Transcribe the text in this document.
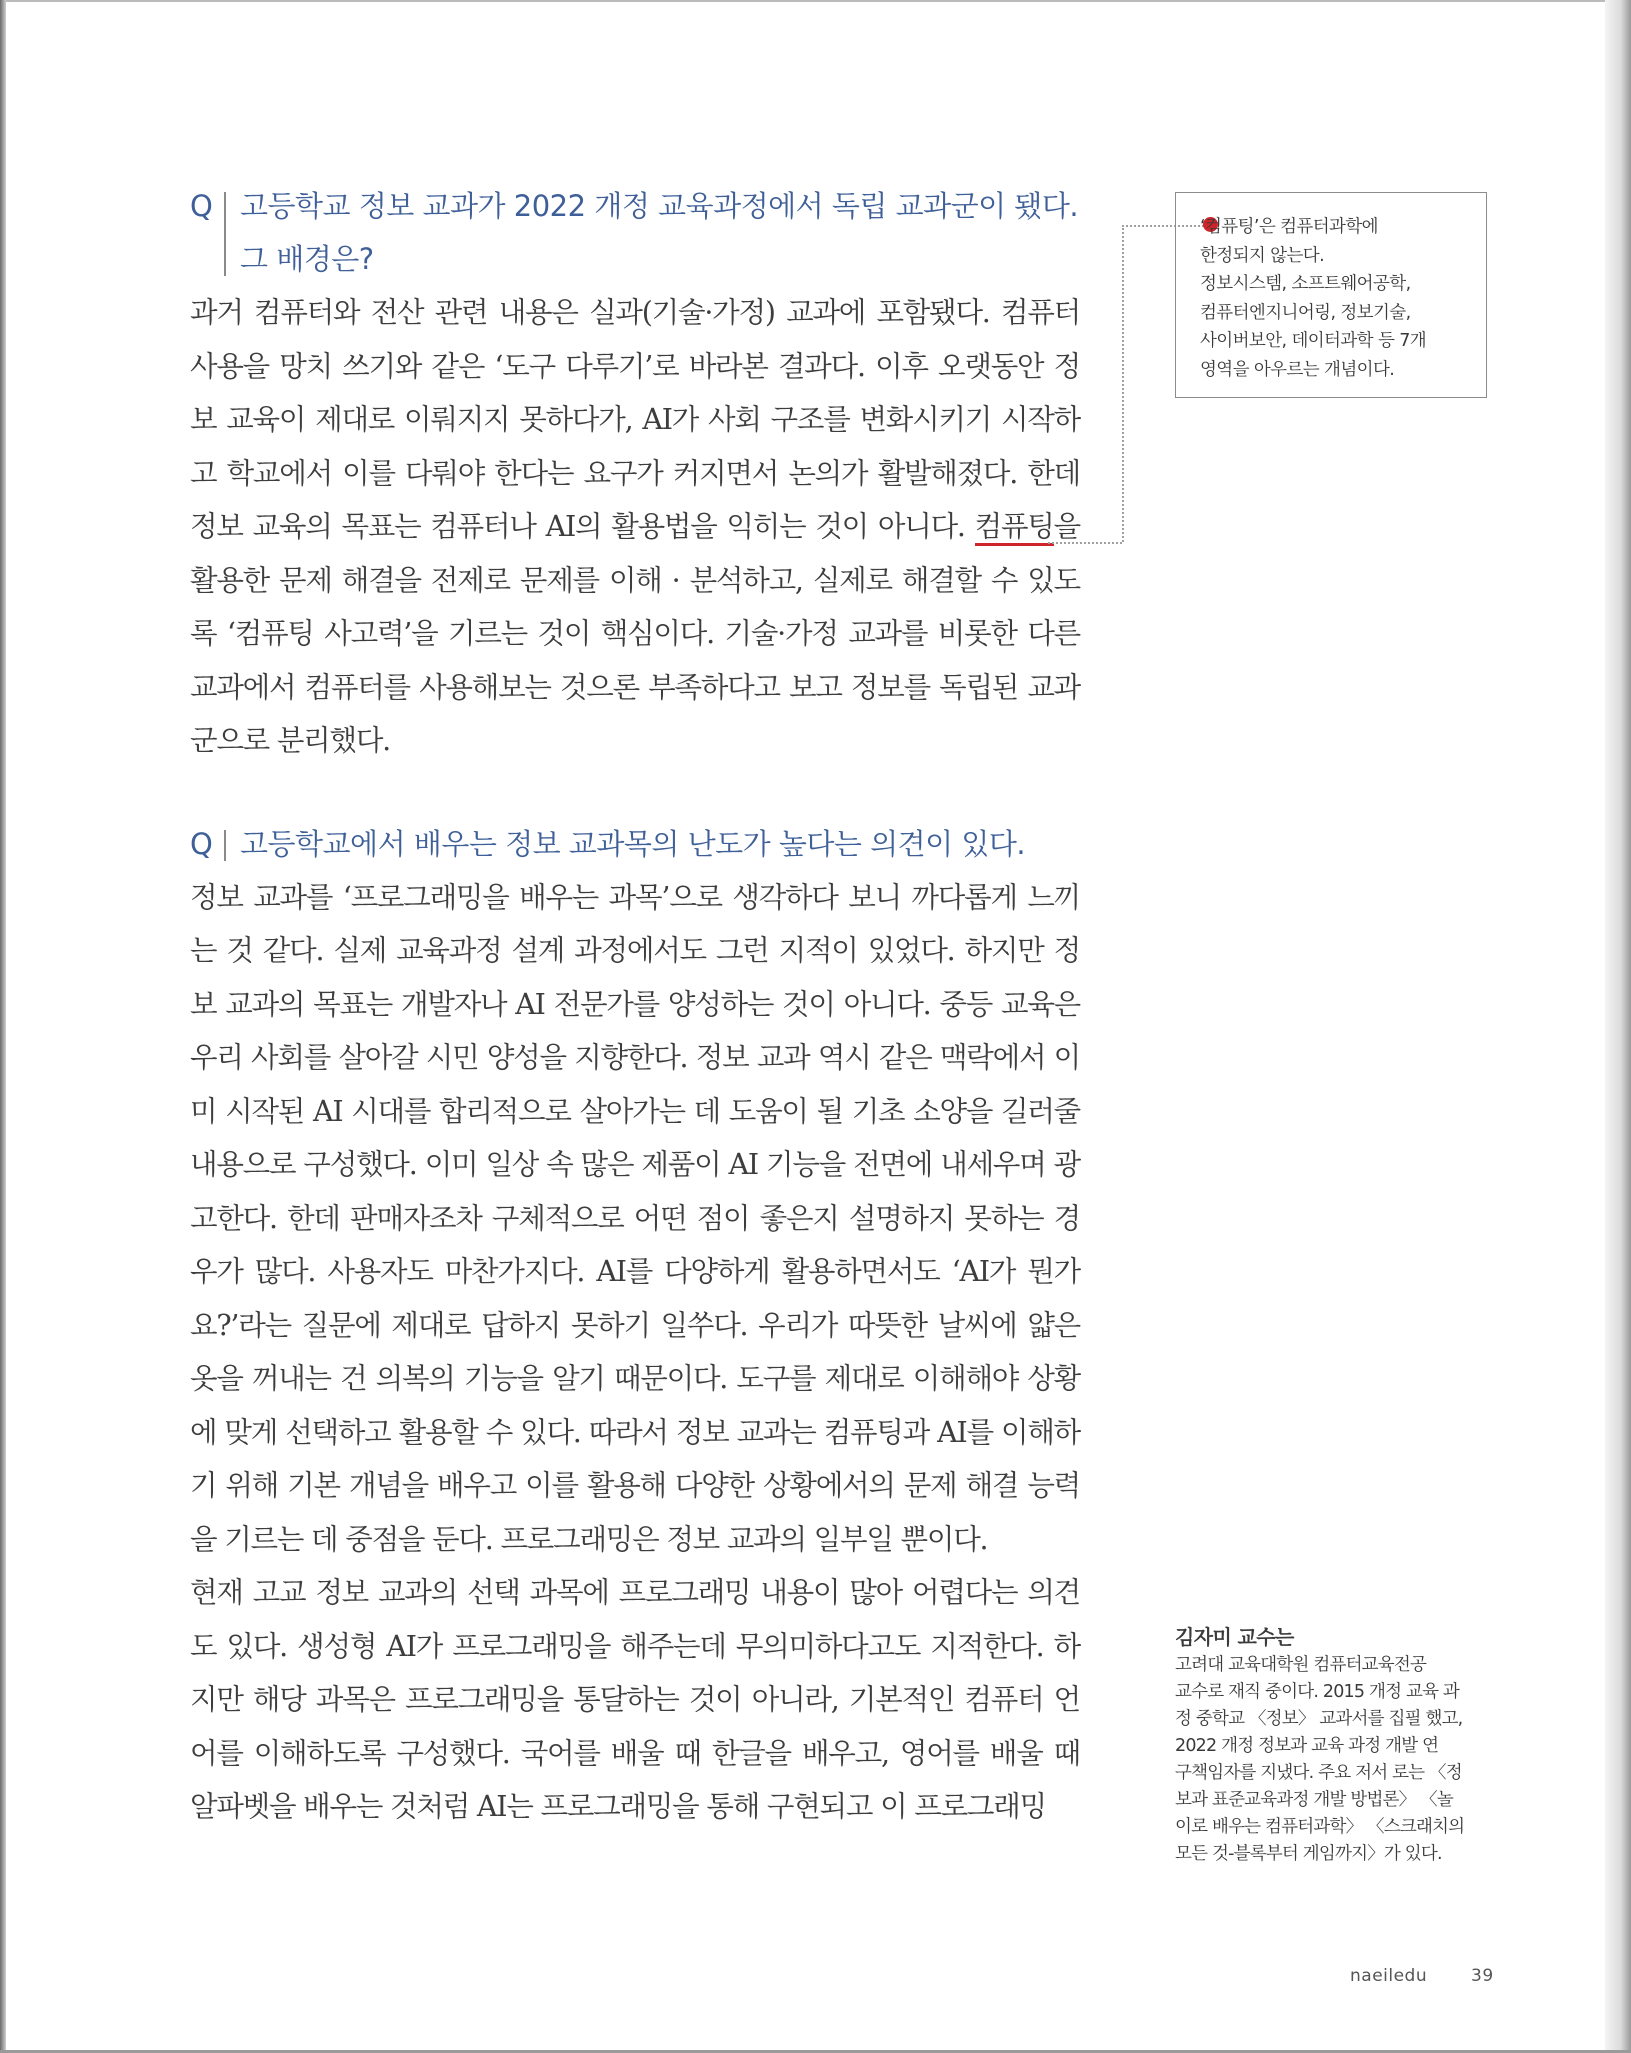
Q 고등학교 정보 교과가 2022 개정 교육과정에서 독립 교과군이 됐다. 그 배경은?

과거 컴퓨터와 전산 관련 내용은 실과(기술·가정) 교과에 포함됐다. 컴퓨터 사용을 망치 쓰기와 같은 ‘도구 다루기’로 바라본 결과다. 이후 오랫동안 정보 교육이 제대로 이뤄지지 못하다가, AI가 사회 구조를 변화시키기 시작하고 학교에서 이를 다뤄야 한다는 요구가 커지면서 논의가 활발해졌다. 한데 정보 교육의 목표는 컴퓨터나 AI의 활용법을 익히는 것이 아니다. 컴퓨팅을 활용한 문제 해결을 전제로 문제를 이해 · 분석하고, 실제로 해결할 수 있도록 ‘컴퓨팅 사고력’을 기르는 것이 핵심이다. 기술·가정 교과를 비롯한 다른 교과에서 컴퓨터를 사용해보는 것으론 부족하다고 보고 정보를 독립된 교과군으로 분리했다.

Q 고등학교에서 배우는 정보 교과목의 난도가 높다는 의견이 있다.

정보 교과를 ‘프로그래밍을 배우는 과목’으로 생각하다 보니 까다롭게 느끼는 것 같다. 실제 교육과정 설계 과정에서도 그런 지적이 있었다. 하지만 정보 교과의 목표는 개발자나 AI 전문가를 양성하는 것이 아니다. 중등 교육은 우리 사회를 살아갈 시민 양성을 지향한다. 정보 교과 역시 같은 맥락에서 이미 시작된 AI 시대를 합리적으로 살아가는 데 도움이 될 기초 소양을 길러줄 내용으로 구성했다. 이미 일상 속 많은 제품이 AI 기능을 전면에 내세우며 광고한다. 한데 판매자조차 구체적으로 어떤 점이 좋은지 설명하지 못하는 경우가 많다. 사용자도 마찬가지다. AI를 다양하게 활용하면서도 ‘AI가 뭔가요?’라는 질문에 제대로 답하지 못하기 일쑤다. 우리가 따뜻한 날씨에 얇은 옷을 꺼내는 건 의복의 기능을 알기 때문이다. 도구를 제대로 이해해야 상황에 맞게 선택하고 활용할 수 있다. 따라서 정보 교과는 컴퓨팅과 AI를 이해하기 위해 기본 개념을 배우고 이를 활용해 다양한 상황에서의 문제 해결 능력을 기르는 데 중점을 둔다. 프로그래밍은 정보 교과의 일부일 뿐이다.

현재 고교 정보 교과의 선택 과목에 프로그래밍 내용이 많아 어렵다는 의견도 있다. 생성형 AI가 프로그래밍을 해주는데 무의미하다고도 지적한다. 하지만 해당 과목은 프로그래밍을 통달하는 것이 아니라, 기본적인 컴퓨터 언어를 이해하도록 구성했다. 국어를 배울 때 한글을 배우고, 영어를 배울 때 알파벳을 배우는 것처럼 AI는 프로그래밍을 통해 구현되고 이 프로그래밍

‘컴퓨팅’은 컴퓨터과학에
한정되지 않는다.
정보시스템, 소프트웨어공학,
컴퓨터엔지니어링, 정보기술,
사이버보안, 데이터과학 등 7개
영역을 아우르는 개념이다.
김자미 교수는
고려대 교육대학원 컴퓨터교육전공
교수로 재직 중이다. 2015 개정 교육 과
정 중학교 〈정보〉 교과서를 집필 했고,
2022 개정 정보과 교육 과정 개발 연
구책임자를 지냈다. 주요 저서 로는 〈정
보과 표준교육과정 개발 방법론〉 〈놀
이로 배우는 컴퓨터과학〉 〈스크래치의
모든 것-블록부터 게임까지〉가 있다.
naeiledu	39
